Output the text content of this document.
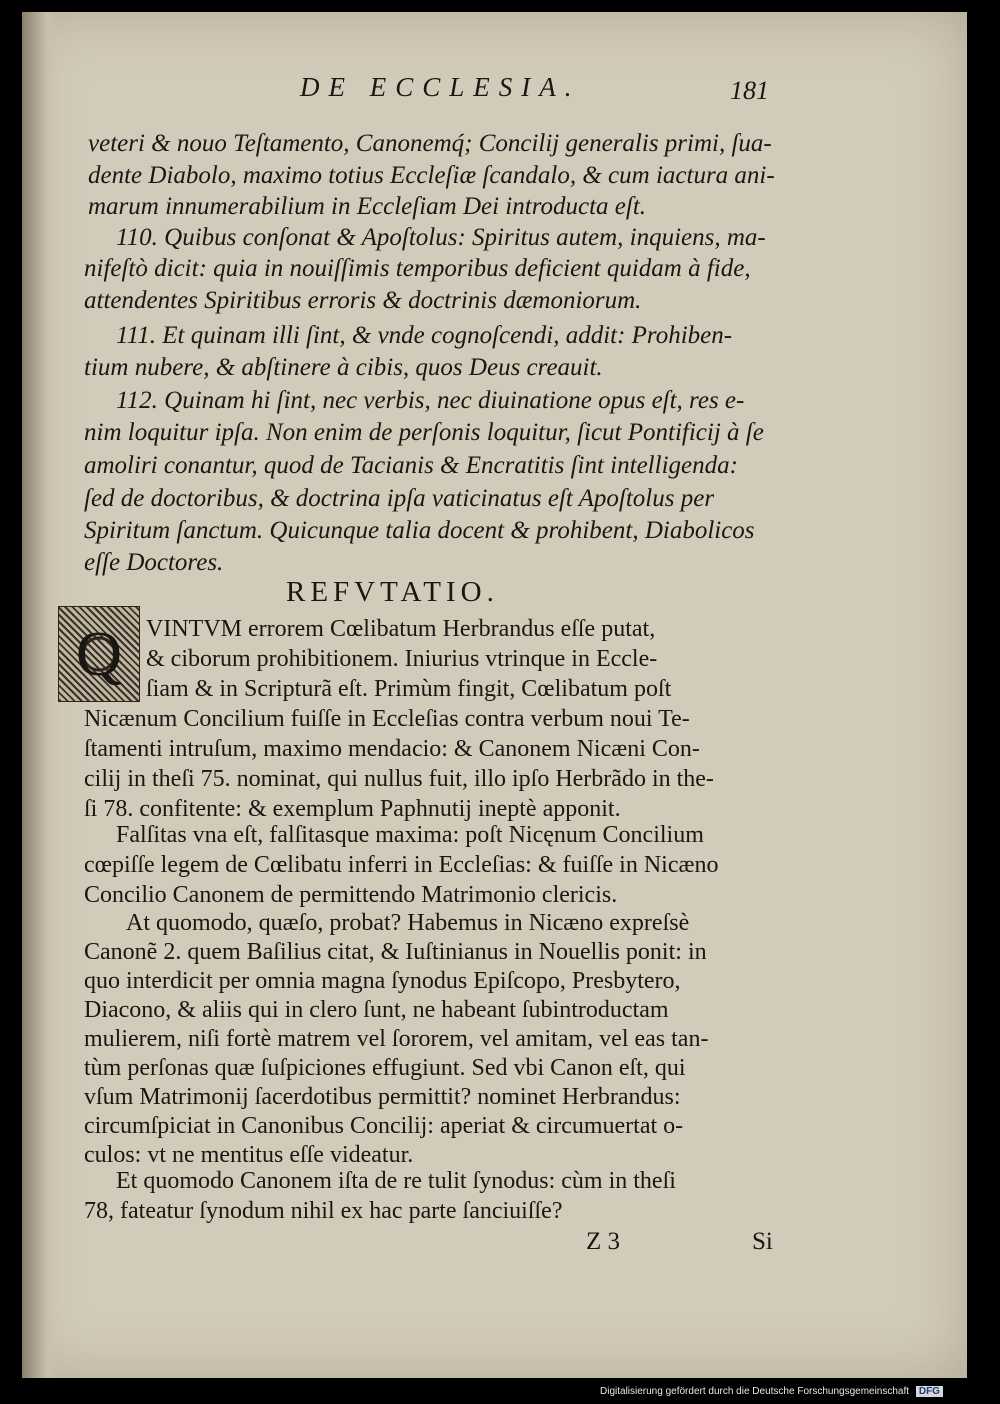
DE ECCLESIA.	181
veteri & nouo Teſtamento, Canonemq́; Concilij generalis primi, ſua-
dente Diabolo, maximo totius Eccleſiæ ſcandalo, & cum iactura ani-
marum innumerabilium in Eccleſiam Dei introducta eſt.
110. Quibus conſonat & Apoſtolus: Spiritus autem, inquiens, ma-
nifeſtò dicit: quia in nouiſſimis temporibus deficient quidam à fide,
attendentes Spiritibus erroris & doctrinis dæmoniorum.
111. Et quinam illi ſint, & vnde cognoſcendi, addit: Prohiben-
tium nubere, & abſtinere à cibis, quos Deus creauit.
112. Quinam hi ſint, nec verbis, nec diuinatione opus eſt, res e-
nim loquitur ipſa. Non enim de perſonis loquitur, ſicut Pontificij à ſe
amoliri conantur, quod de Tacianis & Encratitis ſint intelligenda:
ſed de doctoribus, & doctrina ipſa vaticinatus eſt Apoſtolus per
Spiritum ſanctum. Quicunque talia docent & prohibent, Diabolicos
eſſe Doctores.
REFVTATIO.
Q VINTVM errorem Cœlibatum Herbrandus eſſe putat,
& ciborum prohibitionem. Iniurius vtrinque in Eccle-
ſiam & in Scripturã eſt. Primùm fingit, Cœlibatum poſt
Nicænum Concilium fuiſſe in Eccleſias contra verbum noui Te-
ſtamenti intruſum, maximo mendacio: & Canonem Nicæni Con-
cilij in theſi 75. nominat, qui nullus fuit, illo ipſo Herbrãdo in the-
ſi 78. confitente: & exemplum Paphnutij ineptè apponit.
Falſitas vna eſt, falſitasque maxima: poſt Nicęnum Concilium
cœpiſſe legem de Cœlibatu inferri in Eccleſias: & fuiſſe in Nicæno
Concilio Canonem de permittendo Matrimonio clericis.
At quomodo, quæſo, probat? Habemus in Nicæno expreſsè
Canonẽ 2. quem Baſilius citat, & Iuſtinianus in Nouellis ponit: in
quo interdicit per omnia magna ſynodus Epiſcopo, Presbytero,
Diacono, & aliis qui in clero ſunt, ne habeant ſubintroductam
mulierem, niſi fortè matrem vel ſororem, vel amitam, vel eas tan-
tùm perſonas quæ ſuſpiciones effugiunt. Sed vbi Canon eſt, qui
vſum Matrimonij ſacerdotibus permittit? nominet Herbrandus:
circumſpiciat in Canonibus Concilij: aperiat & circumuertat o-
culos: vt ne mentitus eſſe videatur.
Et quomodo Canonem iſta de re tulit ſynodus: cùm in theſi
78, fateatur ſynodum nihil ex hac parte ſanciuiſſe?
Z 3	Si
Digitalisierung gefördert durch die Deutsche Forschungsgemeinschaft DFG
